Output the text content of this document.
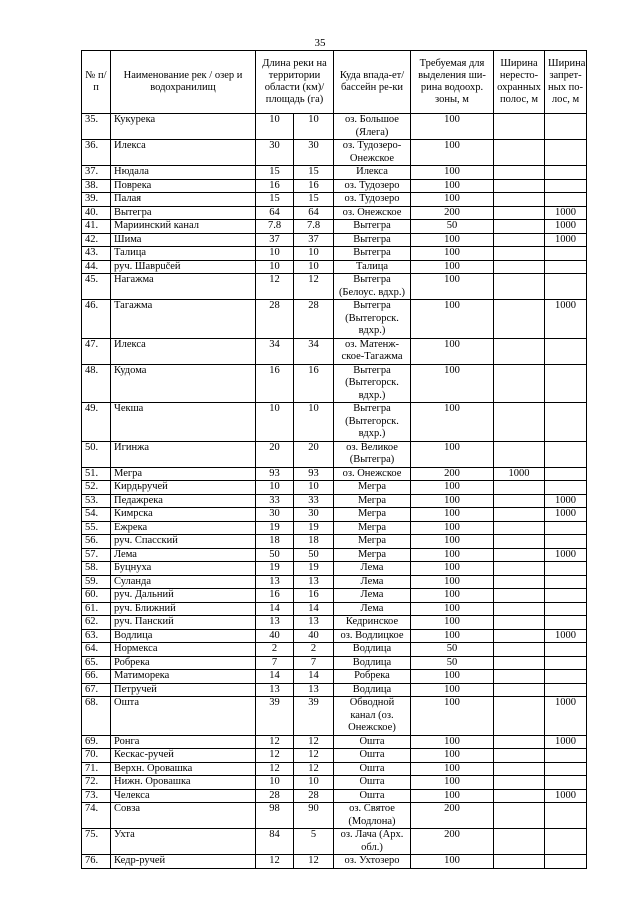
35
№ п/п	Наименование рек / озер и водохранилищ	Длина реки на территории области (км)/ площадь (га)		Куда впада-ет/бассейн ре-ки	Требуемая для выделения ши-рина водоохр. зоны, м	Ширина нересто-охранных полос, м	Ширина запрет-ных по-лос, м
35.	Кукурека	10	10	оз. Большое (Ялега)	100		
36.	Илекса	30	30	оз. Тудозеро-Онежское	100		
37.	Нюдала	15	15	Илекса	100		
38.	Поврека	16	16	оз. Тудозеро	100		
39.	Палая	15	15	оз. Тудозеро	100		
40.	Вытегра	64	64	оз. Онежское	200		1000
41.	Мариинский канал	7.8	7.8	Вытегра	50		1000
42.	Шима	37	37	Вытегра	100		1000
43.	Талица	10	10	Вытегра	100		
44.	руч. Шаврučей	10	10	Талица	100		
45.	Нагажма	12	12	Вытегра (Белоус. вдхр.)	100		
46.	Тагажма	28	28	Вытегра (Вытегорск. вдхр.)	100		1000
47.	Илекса	34	34	оз. Матенж-ское-Тагажма	100		
48.	Кудома	16	16	Вытегра (Вытегорск. вдхр.)	100		
49.	Чекша	10	10	Вытегра (Вытегорск. вдхр.)	100		
50.	Игинжа	20	20	оз. Великое (Вытегра)	100		
51.	Мегра	93	93	оз. Онежское	200	1000	
52.	Кирдьручей	10	10	Мегра	100		
53.	Педажрека	33	33	Мегра	100		1000
54.	Кимрска	30	30	Мегра	100		1000
55.	Ежрека	19	19	Мегра	100		
56.	руч. Спасский	18	18	Мегра	100		
57.	Лема	50	50	Мегра	100		1000
58.	Буцнуха	19	19	Лема	100		
59.	Суланда	13	13	Лема	100		
60.	руч. Дальний	16	16	Лема	100		
61.	руч. Ближний	14	14	Лема	100		
62.	руч. Панский	13	13	Кедринское	100		
63.	Водлица	40	40	оз. Водлицкое	100		1000
64.	Нормекса	2	2	Водлица	50		
65.	Робрека	7	7	Водлица	50		
66.	Матиморека	14	14	Робрека	100		
67.	Петручей	13	13	Водлица	100		
68.	Ошта	39	39	Обводной канал (оз. Онежское)	100		1000
69.	Ронга	12	12	Ошта	100		1000
70.	Кескас-ручей	12	12	Ошта	100		
71.	Верхн. Оровашка	12	12	Ошта	100		
72.	Нижн. Оровашка	10	10	Ошта	100		
73.	Челекса	28	28	Ошта	100		1000
74.	Совза	98	90	оз. Святое (Модлона)	200		
75.	Ухта	84	5	оз. Лача (Арх. обл.)	200		
76.	Кедр-ручей	12	12	оз. Ухтозеро	100		
